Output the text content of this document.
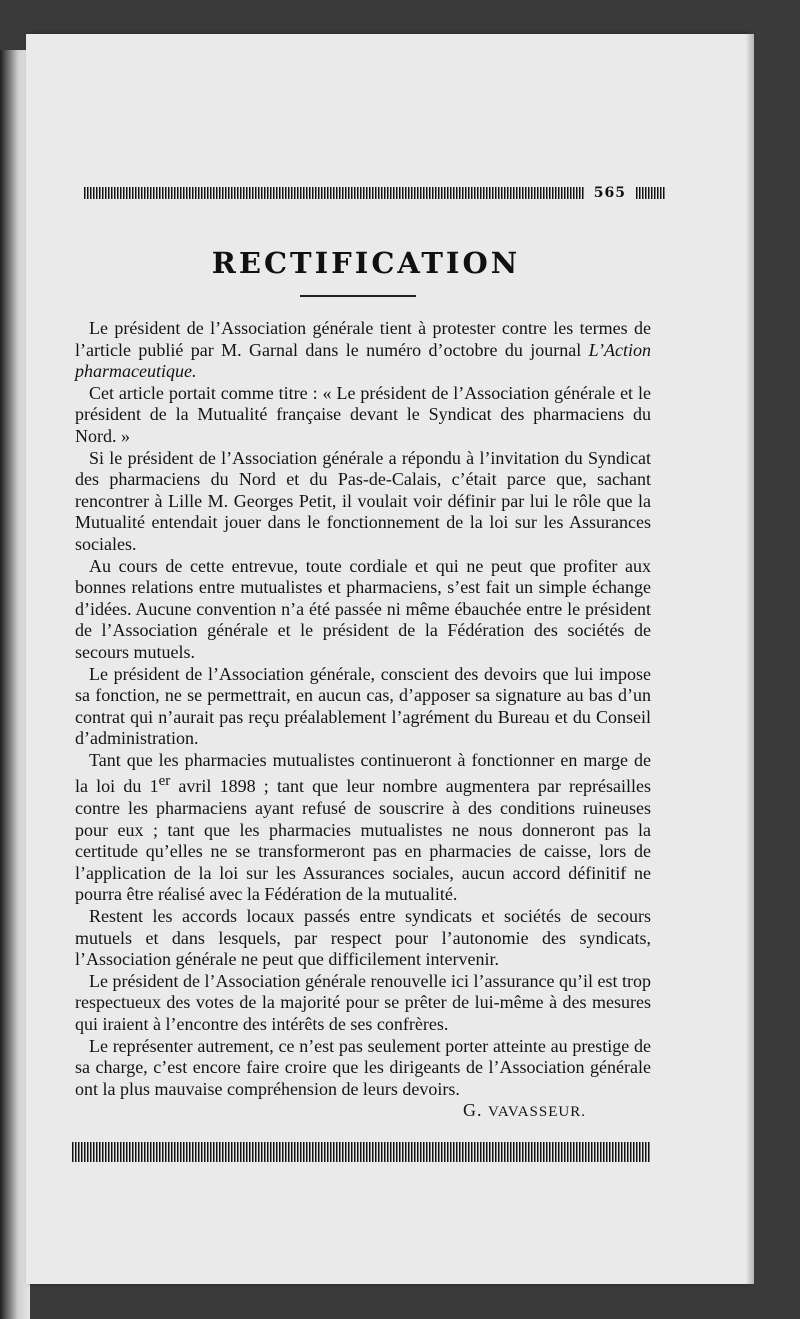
565
RECTIFICATION

Le président de l’Association générale tient à protester contre les termes de l’article publié par M. Garnal dans le numéro d’octobre du journal L’Action pharmaceutique.

Cet article portait comme titre : « Le président de l’Association générale et le président de la Mutualité française devant le Syndicat des pharmaciens du Nord. »

Si le président de l’Association générale a répondu à l’invitation du Syndicat des pharmaciens du Nord et du Pas-de-Calais, c’était parce que, sachant rencontrer à Lille M. Georges Petit, il voulait voir définir par lui le rôle que la Mutualité entendait jouer dans le fonctionnement de la loi sur les Assurances sociales.

Au cours de cette entrevue, toute cordiale et qui ne peut que profiter aux bonnes relations entre mutualistes et pharmaciens, s’est fait un simple échange d’idées. Aucune convention n’a été passée ni même ébauchée entre le président de l’Association générale et le président de la Fédération des sociétés de secours mutuels.

Le président de l’Association générale, conscient des devoirs que lui impose sa fonction, ne se permettrait, en aucun cas, d’apposer sa signature au bas d’un contrat qui n’aurait pas reçu préalablement l’agrément du Bureau et du Conseil d’administration.

Tant que les pharmacies mutualistes continueront à fonctionner en marge de la loi du 1er avril 1898 ; tant que leur nombre augmentera par représailles contre les pharmaciens ayant refusé de souscrire à des conditions ruineuses pour eux ; tant que les pharmacies mutualistes ne nous donneront pas la certitude qu’elles ne se transformeront pas en pharmacies de caisse, lors de l’application de la loi sur les Assurances sociales, aucun accord définitif ne pourra être réalisé avec la Fédération de la mutualité.

Restent les accords locaux passés entre syndicats et sociétés de secours mutuels et dans lesquels, par respect pour l’autonomie des syndicats, l’Association générale ne peut que difficilement intervenir.

Le président de l’Association générale renouvelle ici l’assurance qu’il est trop respectueux des votes de la majorité pour se prêter de lui-même à des mesures qui iraient à l’encontre des intérêts de ses confrères.

Le représenter autrement, ce n’est pas seulement porter atteinte au prestige de sa charge, c’est encore faire croire que les dirigeants de l’Association générale ont la plus mauvaise compréhension de leurs devoirs.

G. VAVASSEUR.
